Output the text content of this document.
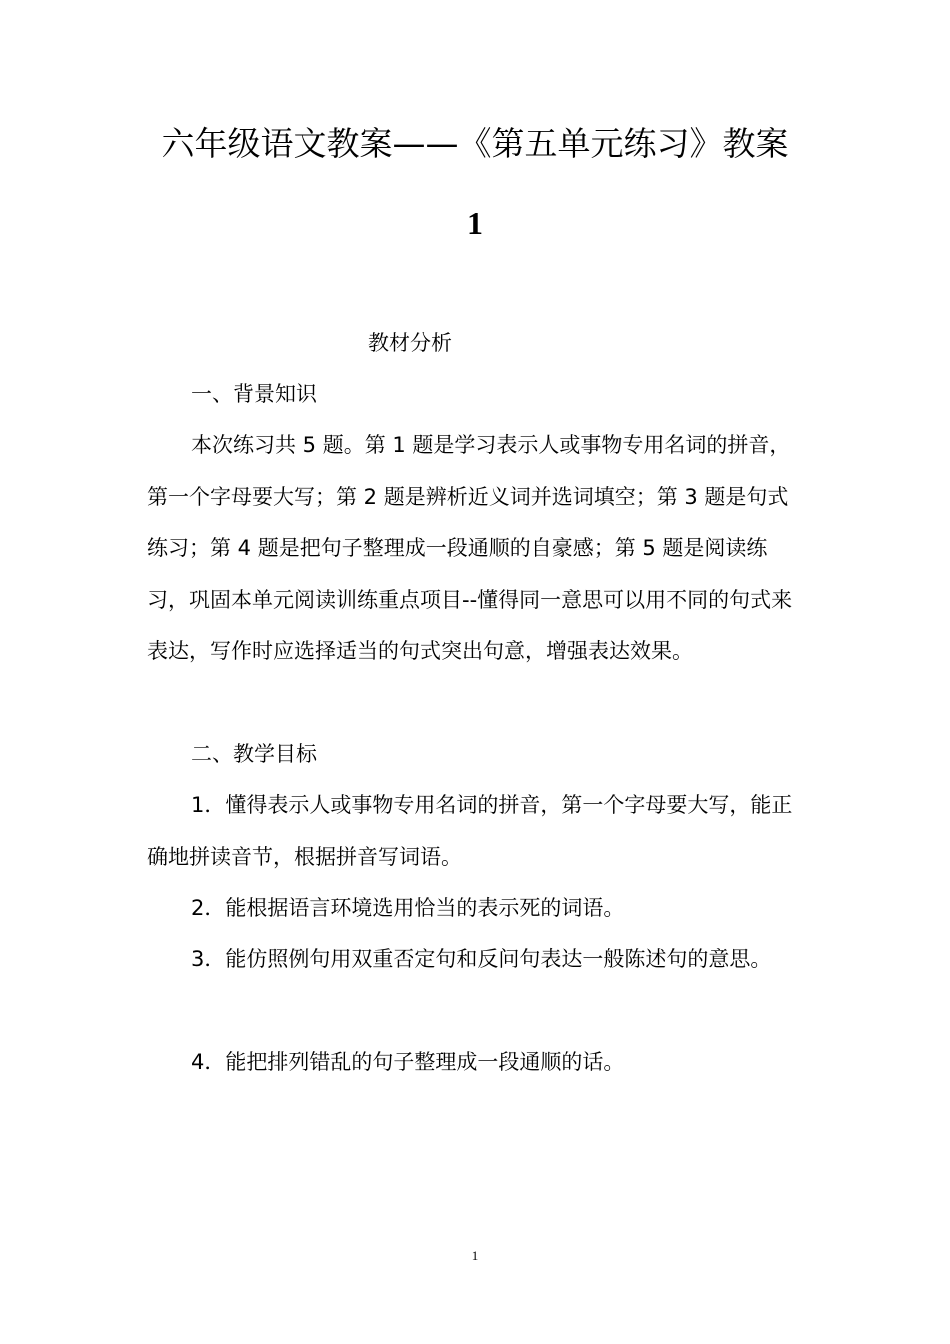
六年级语文教案——《第五单元练习》教案
1

教材分析

一、背景知识

本次练习共 5 题。第 1 题是学习表示人或事物专用名词的拼音，第一个字母要大写；第 2 题是辨析近义词并选词填空；第 3 题是句式练习；第 4 题是把句子整理成一段通顺的自豪感；第 5 题是阅读练习，巩固本单元阅读训练重点项目--懂得同一意思可以用不同的句式来表达，写作时应选择适当的句式突出句意，增强表达效果。

二、教学目标

1．懂得表示人或事物专用名词的拼音，第一个字母要大写，能正确地拼读音节，根据拼音写词语。

2．能根据语言环境选用恰当的表示死的词语。

3．能仿照例句用双重否定句和反问句表达一般陈述句的意思。

4．能把排列错乱的句子整理成一段通顺的话。

1
